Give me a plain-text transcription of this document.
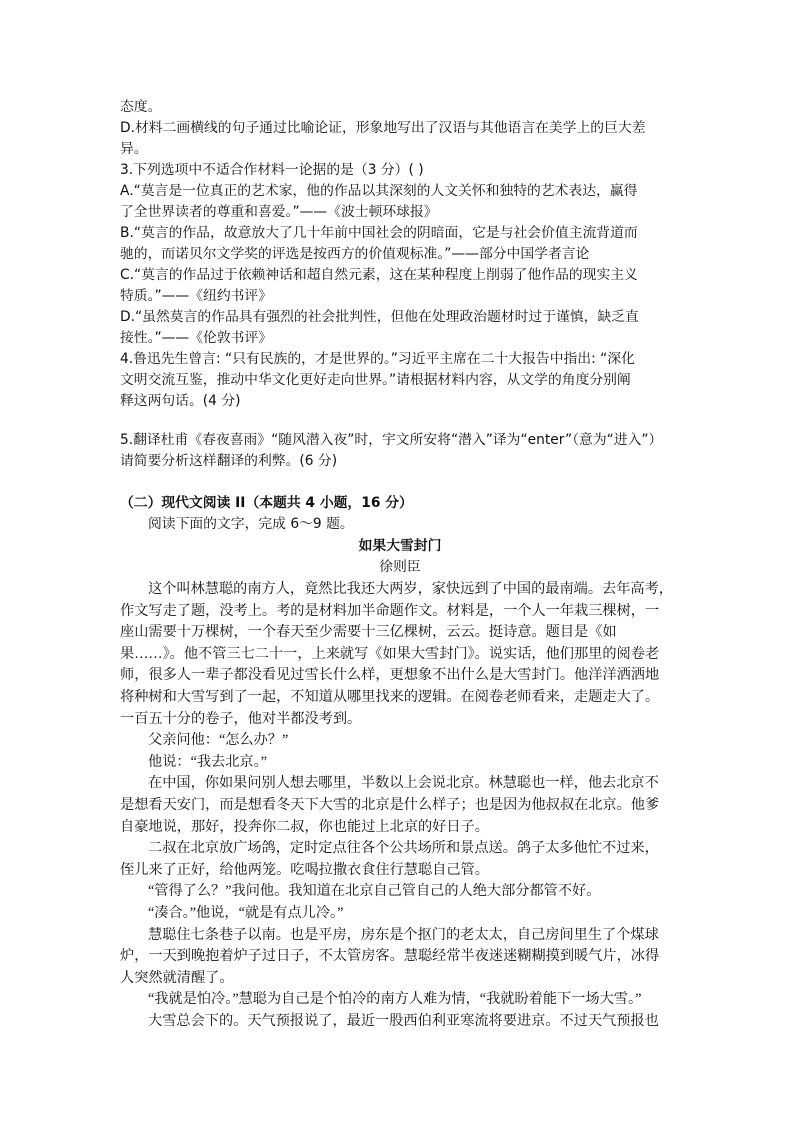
态度。

D.材料二画横线的句子通过比喻论证，形象地写出了汉语与其他语言在美学上的巨大差

异。

3.下列选项中不适合作材料一论据的是（3 分）( )

A.“莫言是一位真正的艺术家，他的作品以其深刻的人文关怀和独特的艺术表达，赢得

了全世界读者的尊重和喜爱。”——《波士顿环球报》

B.“莫言的作品，故意放大了几十年前中国社会的阴暗面，它是与社会价值主流背道而

驰的，而诺贝尔文学奖的评选是按西方的价值观标准。”——部分中国学者言论

C.“莫言的作品过于依赖神话和超自然元素，这在某种程度上削弱了他作品的现实主义

特质。”——《纽约书评》

D.“虽然莫言的作品具有强烈的社会批判性，但他在处理政治题材时过于谨慎，缺乏直

接性。”——《伦敦书评》

4.鲁迅先生曾言: “只有民族的，才是世界的。”习近平主席在二十大报告中指出: “深化

文明交流互鉴，推动中华文化更好走向世界。”请根据材料内容，从文学的角度分别阐

释这两句话。(4 分)

5.翻译杜甫《春夜喜雨》“随风潜入夜”时，宇文所安将“潜入”译为“enter”（意为“进入”）

请简要分析这样翻译的利弊。(6 分)

（二）现代文阅读 II（本题共 4 小题，16 分）

阅读下面的文字，完成 6～9 题。

如果大雪封门

徐则臣

这个叫林慧聪的南方人，竟然比我还大两岁，家快远到了中国的最南端。去年高考，

作文写走了题，没考上。考的是材料加半命题作文。材料是，一个人一年栽三棵树，一

座山需要十万棵树，一个春天至少需要十三亿棵树，云云。挺诗意。题目是《如

果……》。他不管三七二十一，上来就写《如果大雪封门》。说实话，他们那里的阅卷老

师，很多人一辈子都没看见过雪长什么样，更想象不出什么是大雪封门。他洋洋洒洒地

将种树和大雪写到了一起，不知道从哪里找来的逻辑。在阅卷老师看来，走题走大了。

一百五十分的卷子，他对半都没考到。

父亲问他：“怎么办？”

他说：“我去北京。”

在中国，你如果问别人想去哪里，半数以上会说北京。林慧聪也一样，他去北京不

是想看天安门，而是想看冬天下大雪的北京是什么样子；也是因为他叔叔在北京。他爹

自豪地说，那好，投奔你二叔，你也能过上北京的好日子。

二叔在北京放广场鸽，定时定点往各个公共场所和景点送。鸽子太多他忙不过来，

侄儿来了正好，给他两笼。吃喝拉撒衣食住行慧聪自己管。

“管得了么？”我问他。我知道在北京自己管自己的人绝大部分都管不好。

“凑合。”他说，“就是有点儿冷。”

慧聪住七条巷子以南。也是平房，房东是个抠门的老太太，自己房间里生了个煤球

炉，一天到晚抱着炉子过日子，不太管房客。慧聪经常半夜迷迷糊糊摸到暖气片，冰得

人突然就清醒了。

“我就是怕冷。”慧聪为自己是个怕冷的南方人难为情，“我就盼着能下一场大雪。”

大雪总会下的。天气预报说了，最近一股西伯利亚寒流将要进京。不过天气预报也
